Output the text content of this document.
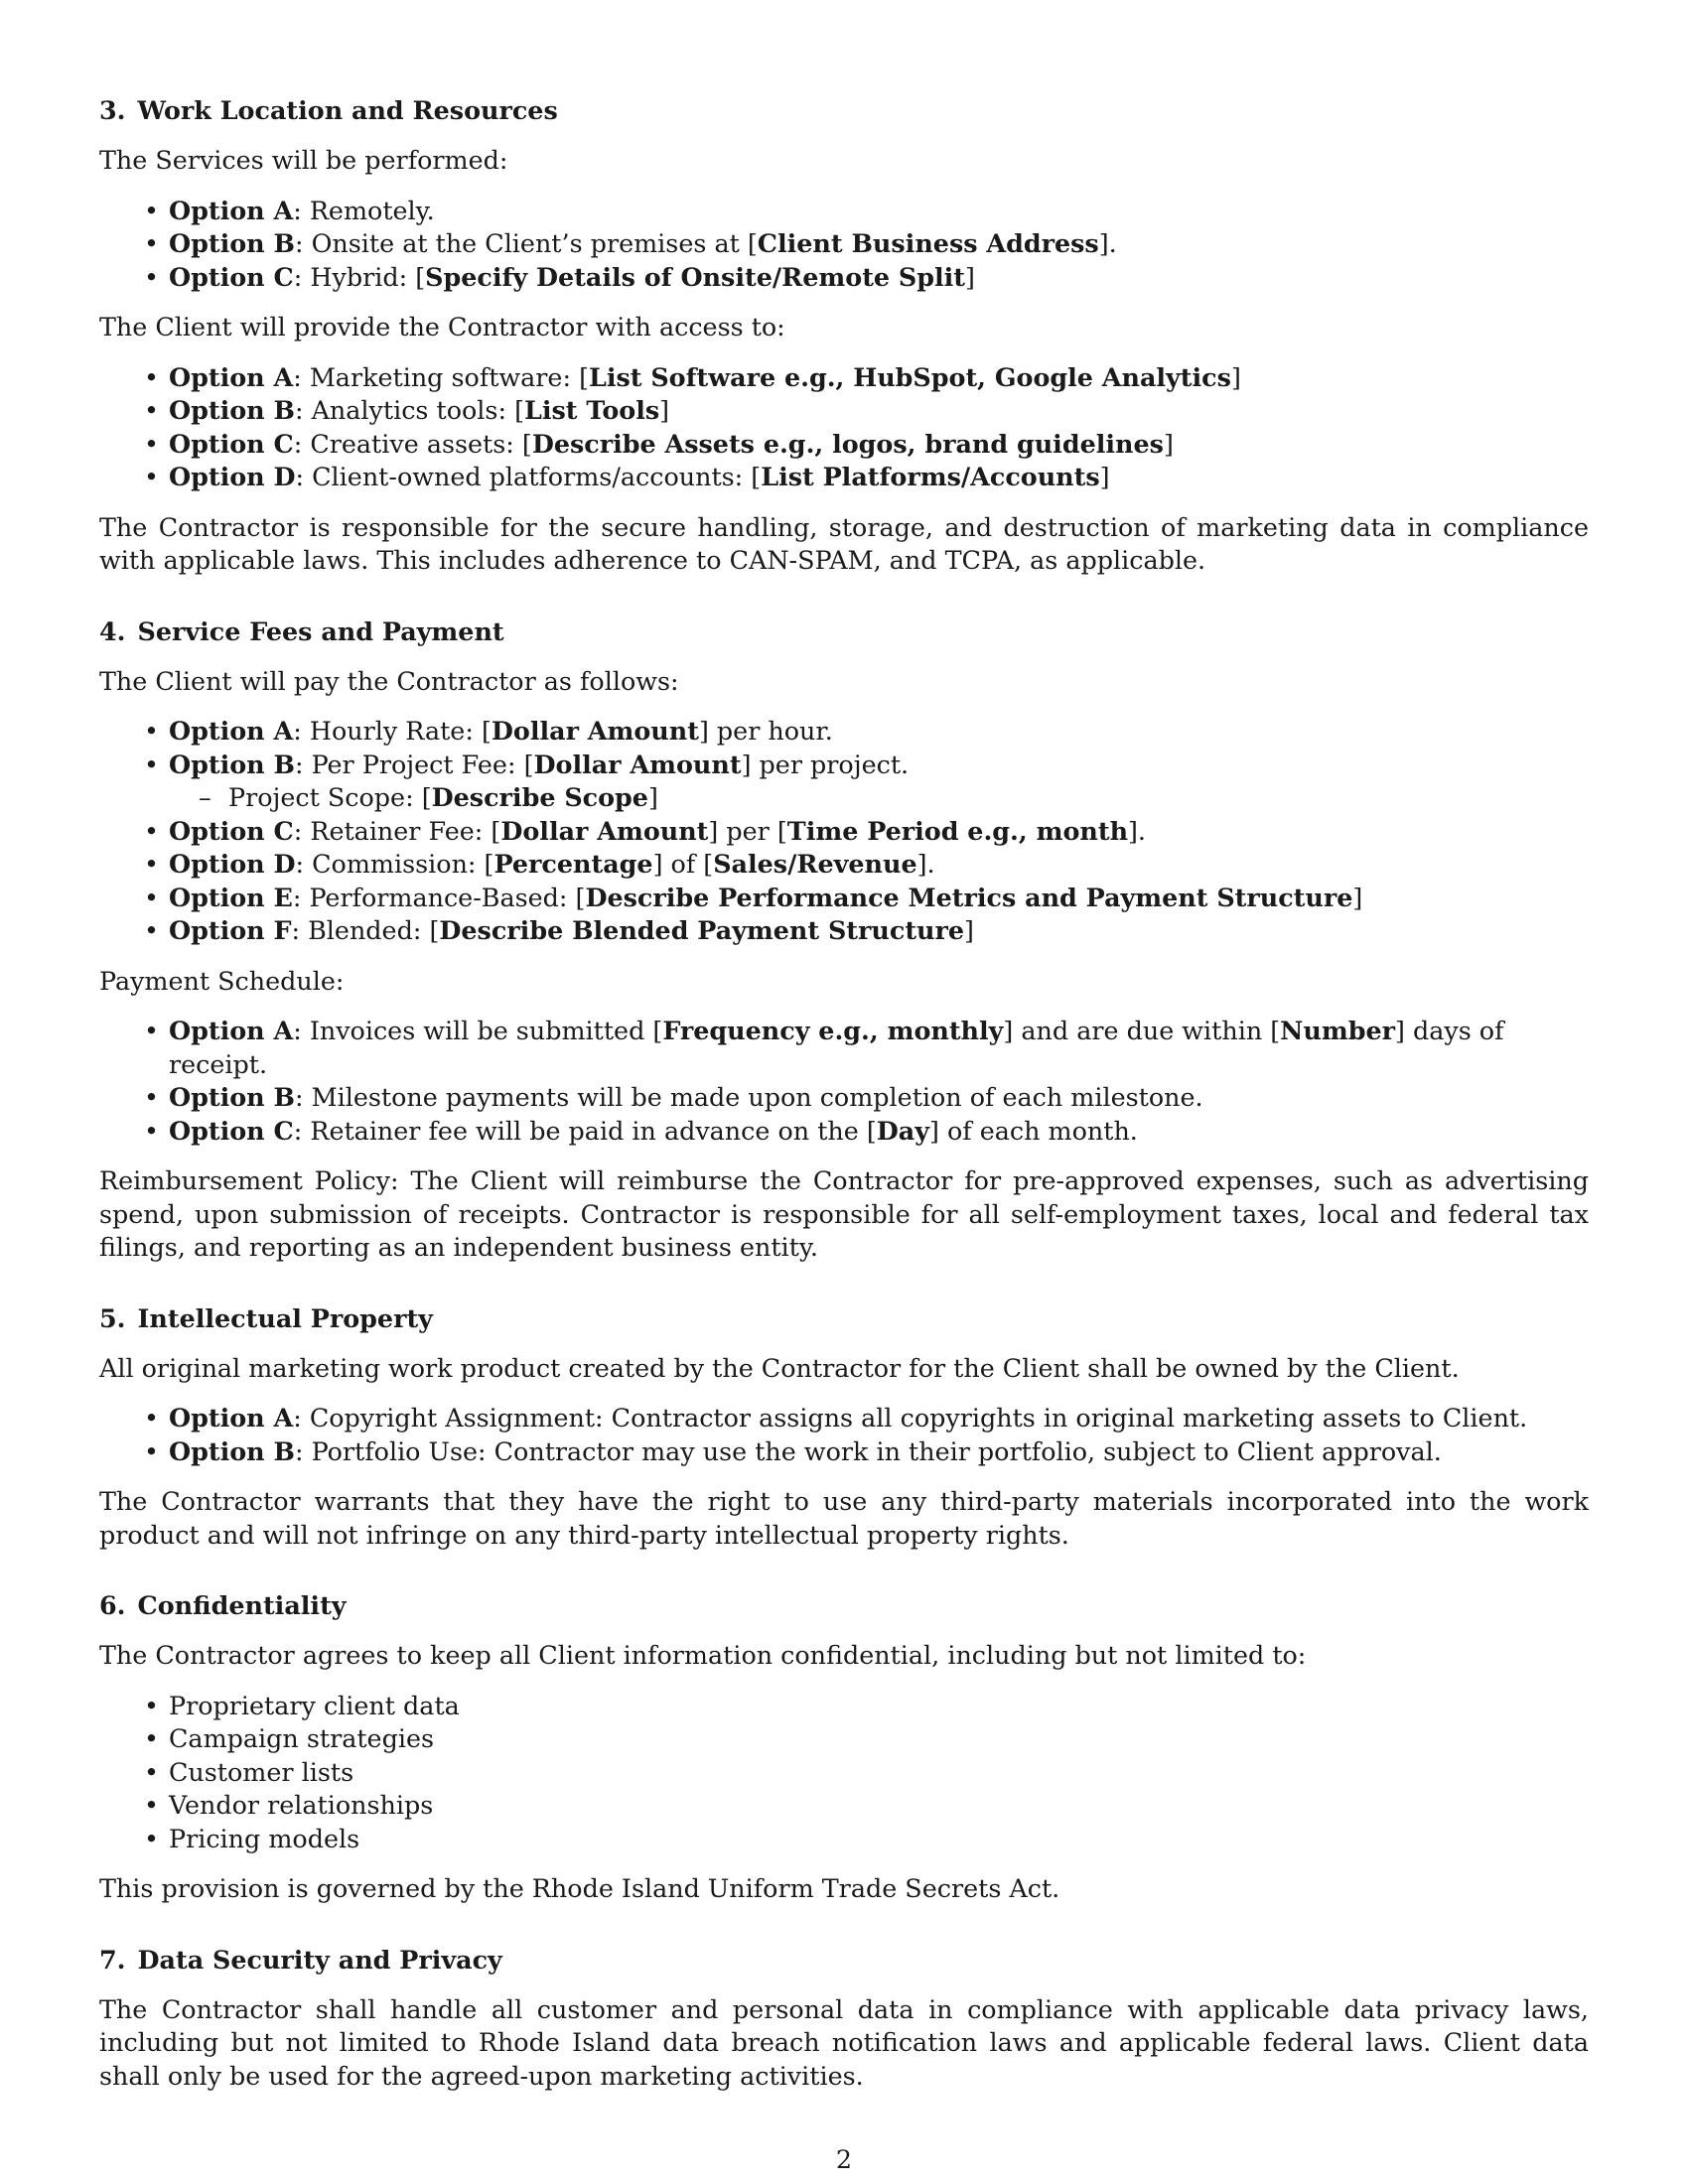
3. Work Location and Resources

The Services will be performed:

• Option A: Remotely.
• Option B: Onsite at the Client’s premises at [Client Business Address].
• Option C: Hybrid: [Specify Details of Onsite/Remote Split]

The Client will provide the Contractor with access to:

• Option A: Marketing software: [List Software e.g., HubSpot, Google Analytics]
• Option B: Analytics tools: [List Tools]
• Option C: Creative assets: [Describe Assets e.g., logos, brand guidelines]
• Option D: Client-owned platforms/accounts: [List Platforms/Accounts]

The Contractor is responsible for the secure handling, storage, and destruction of marketing data in compliance with applicable laws. This includes adherence to CAN-SPAM, and TCPA, as applicable.

4. Service Fees and Payment

The Client will pay the Contractor as follows:

• Option A: Hourly Rate: [Dollar Amount] per hour.
• Option B: Per Project Fee: [Dollar Amount] per project.
– Project Scope: [Describe Scope]
• Option C: Retainer Fee: [Dollar Amount] per [Time Period e.g., month].
• Option D: Commission: [Percentage] of [Sales/Revenue].
• Option E: Performance-Based: [Describe Performance Metrics and Payment Structure]
• Option F: Blended: [Describe Blended Payment Structure]

Payment Schedule:

• Option A: Invoices will be submitted [Frequency e.g., monthly] and are due within [Number] days of receipt.
• Option B: Milestone payments will be made upon completion of each milestone.
• Option C: Retainer fee will be paid in advance on the [Day] of each month.

Reimbursement Policy: The Client will reimburse the Contractor for pre-approved expenses, such as advertising spend, upon submission of receipts. Contractor is responsible for all self-employment taxes, local and federal tax filings, and reporting as an independent business entity.

5. Intellectual Property

All original marketing work product created by the Contractor for the Client shall be owned by the Client.

• Option A: Copyright Assignment: Contractor assigns all copyrights in original marketing assets to Client.
• Option B: Portfolio Use: Contractor may use the work in their portfolio, subject to Client approval.

The Contractor warrants that they have the right to use any third-party materials incorporated into the work product and will not infringe on any third-party intellectual property rights.

6. Confidentiality

The Contractor agrees to keep all Client information confidential, including but not limited to:

• Proprietary client data
• Campaign strategies
• Customer lists
• Vendor relationships
• Pricing models

This provision is governed by the Rhode Island Uniform Trade Secrets Act.

7. Data Security and Privacy

The Contractor shall handle all customer and personal data in compliance with applicable data privacy laws, including but not limited to Rhode Island data breach notification laws and applicable federal laws. Client data shall only be used for the agreed-upon marketing activities.

2
